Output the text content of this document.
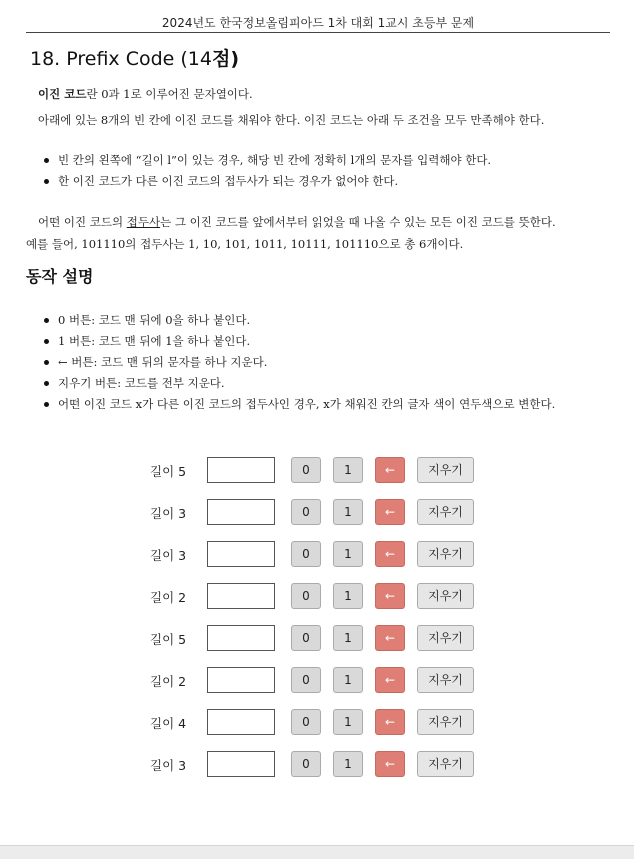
2024년도 한국정보올림피아드 1차 대회 1교시 초등부 문제
18. Prefix Code (14점)
이진 코드란 0과 1로 이루어진 문자열이다.
아래에 있는 8개의 빈 칸에 이진 코드를 채워야 한다. 이진 코드는 아래 두 조건을 모두 만족해야 한다.
빈 칸의 왼쪽에 “길이 l”이 있는 경우, 해당 빈 칸에 정확히 l개의 문자를 입력해야 한다.
한 이진 코드가 다른 이진 코드의 접두사가 되는 경우가 없어야 한다.
어떤 이진 코드의 접두사는 그 이진 코드를 앞에서부터 읽었을 때 나올 수 있는 모든 이진 코드를 뜻한다.
예를 들어, 101110의 접두사는 1, 10, 101, 1011, 10111, 101110으로 총 6개이다.
동작 설명
0 버튼: 코드 맨 뒤에 0을 하나 붙인다.
1 버튼: 코드 맨 뒤에 1을 하나 붙인다.
← 버튼: 코드 맨 뒤의 문자를 하나 지운다.
지우기 버튼: 코드를 전부 지운다.
어떤 이진 코드 x가 다른 이진 코드의 접두사인 경우, x가 채워진 칸의 글자 색이 연두색으로 변한다.
길이 5	0	1	←	지우기
길이 3	0	1	←	지우기
길이 3	0	1	←	지우기
길이 2	0	1	←	지우기
길이 5	0	1	←	지우기
길이 2	0	1	←	지우기
길이 4	0	1	←	지우기
길이 3	0	1	←	지우기
